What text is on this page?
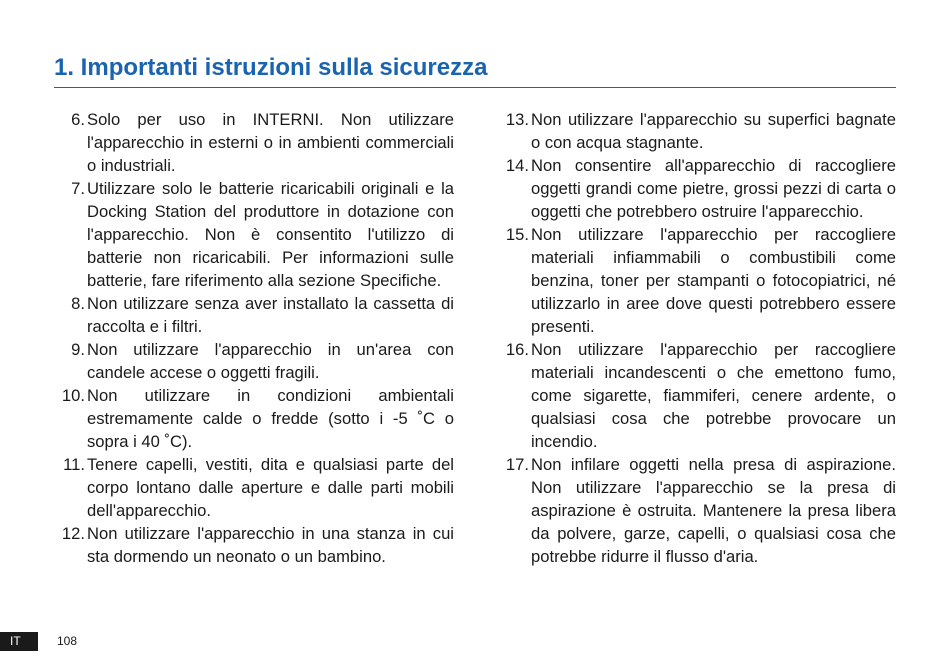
1. Importanti istruzioni sulla sicurezza
6. Solo per uso in INTERNI. Non utilizzare l'apparecchio in esterni o in ambienti commerciali o industriali.
7. Utilizzare solo le batterie ricaricabili originali e la Docking Station del produttore in dotazione con l'apparecchio. Non è consentito l'utilizzo di batterie non ricaricabili. Per informazioni sulle batterie, fare riferimento alla sezione Specifiche.
8. Non utilizzare senza aver installato la cassetta di raccolta e i filtri.
9. Non utilizzare l'apparecchio in un'area con candele accese o oggetti fragili.
10. Non utilizzare in condizioni ambientali estremamente calde o fredde (sotto i -5 ˚C o sopra i 40 ˚C).
11. Tenere capelli, vestiti, dita e qualsiasi parte del corpo lontano dalle aperture e dalle parti mobili dell'apparecchio.
12. Non utilizzare l'apparecchio in una stanza in cui sta dormendo un neonato o un bambino.
13. Non utilizzare l'apparecchio su superfici bagnate o con acqua stagnante.
14. Non consentire all'apparecchio di raccogliere oggetti grandi come pietre, grossi pezzi di carta o oggetti che potrebbero ostruire l'apparecchio.
15. Non utilizzare l'apparecchio per raccogliere materiali infiammabili o combustibili come benzina, toner per stampanti o fotocopiatrici, né utilizzarlo in aree dove questi potrebbero essere presenti.
16. Non utilizzare l'apparecchio per raccogliere materiali incandescenti o che emettono fumo, come sigarette, fiammiferi, cenere ardente, o qualsiasi cosa che potrebbe provocare un incendio.
17. Non infilare oggetti nella presa di aspirazione. Non utilizzare l'apparecchio se la presa di aspirazione è ostruita. Mantenere la presa libera da polvere, garze, capelli, o qualsiasi cosa che potrebbe ridurre il flusso d'aria.
IT	108
